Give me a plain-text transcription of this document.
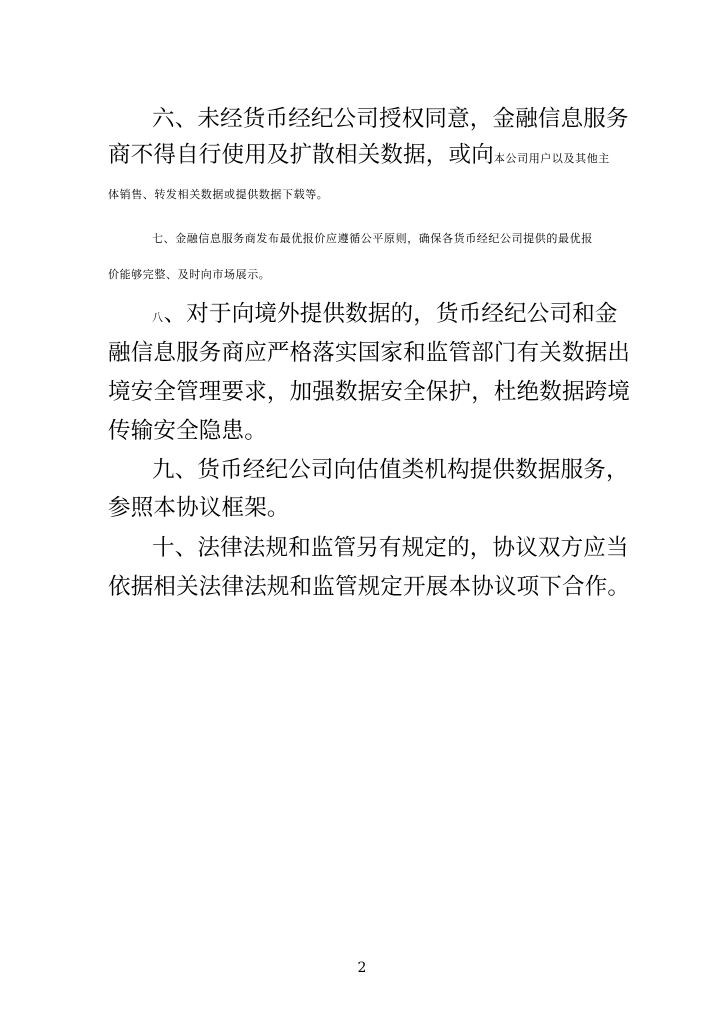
六、未经货币经纪公司授权同意，金融信息服务
商不得自行使用及扩散相关数据，或向本公司用户以及其他主
体销售、转发相关数据或提供数据下载等。
七、金融信息服务商发布最优报价应遵循公平原则，确保各货币经纪公司提供的最优报
价能够完整、及时向市场展示。
八、对于向境外提供数据的，货币经纪公司和金
融信息服务商应严格落实国家和监管部门有关数据出
境安全管理要求，加强数据安全保护，杜绝数据跨境
传输安全隐患。
九、货币经纪公司向估值类机构提供数据服务，
参照本协议框架。
十、法律法规和监管另有规定的，协议双方应当
依据相关法律法规和监管规定开展本协议项下合作。
2
